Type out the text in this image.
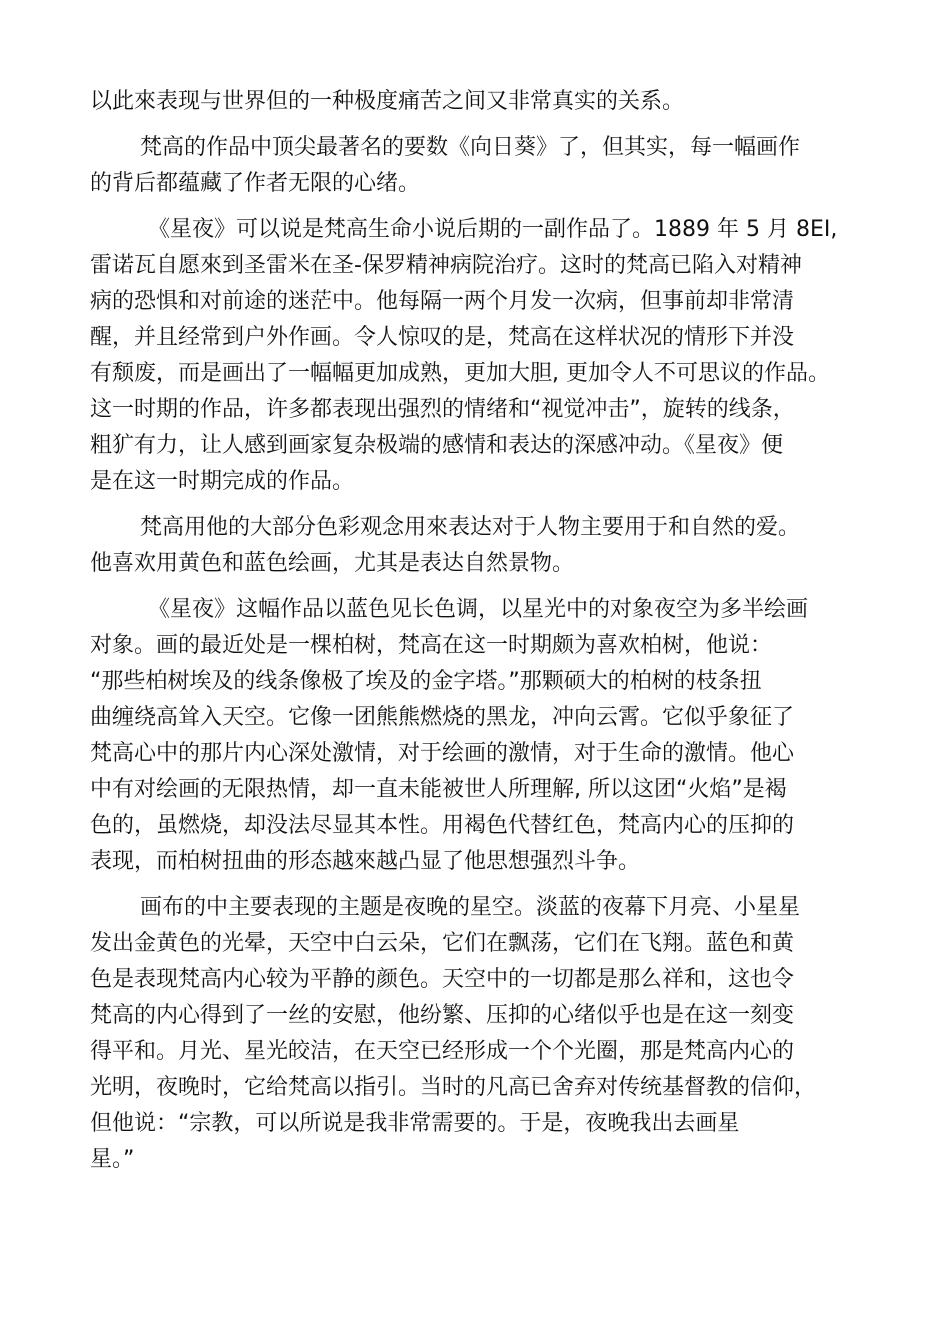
以此來表现与世界但的一种极度痛苦之间又非常真实的关系。
梵高的作品中顶尖最著名的要数《向日葵》了，但其实，每一幅画作
的背后都蕴藏了作者无限的心绪。
《星夜》可以说是梵高生命小说后期的一副作品了。1889 年 5 月 8EI,
雷诺瓦自愿來到圣雷米在圣-保罗精神病院治疗。这时的梵高已陷入对精神
病的恐惧和对前途的迷茫中。他每隔一两个月发一次病，但事前却非常清
醒，并且经常到户外作画。令人惊叹的是，梵高在这样状况的情形下并没
有颓废，而是画出了一幅幅更加成熟，更加大胆, 更加令人不可思议的作品。
这一时期的作品，许多都表现出强烈的情绪和“视觉冲击”，旋转的线条，
粗犷有力，让人感到画家复杂极端的感情和表达的深感冲动。《星夜》便
是在这一时期完成的作品。
梵高用他的大部分色彩观念用來表达对于人物主要用于和自然的爱。
他喜欢用黄色和蓝色绘画，尤其是表达自然景物。
《星夜》这幅作品以蓝色见长色调，以星光中的对象夜空为多半绘画
对象。画的最近处是一棵柏树，梵高在这一时期颇为喜欢柏树，他说：
“那些柏树埃及的线条像极了埃及的金字塔。”那颗硕大的柏树的枝条扭
曲缠绕高耸入天空。它像一团熊熊燃烧的黑龙，冲向云霄。它似乎象征了
梵高心中的那片内心深处激情，对于绘画的激情，对于生命的激情。他心
中有对绘画的无限热情，却一直未能被世人所理解, 所以这团“火焰”是褐
色的，虽燃烧，却没法尽显其本性。用褐色代替红色，梵高内心的压抑的
表现，而柏树扭曲的形态越來越凸显了他思想强烈斗争。
画布的中主要表现的主题是夜晚的星空。淡蓝的夜幕下月亮、小星星
发出金黄色的光晕，天空中白云朵，它们在飘荡，它们在飞翔。蓝色和黄
色是表现梵高内心较为平静的颜色。天空中的一切都是那么祥和，这也令
梵高的内心得到了一丝的安慰，他纷繁、压抑的心绪似乎也是在这一刻变
得平和。月光、星光皎洁，在天空已经形成一个个光圈，那是梵高内心的
光明，夜晚时，它给梵高以指引。当时的凡高已舍弃对传统基督教的信仰，
但他说：“宗教，可以所说是我非常需要的。于是，夜晚我出去画星
星。”
